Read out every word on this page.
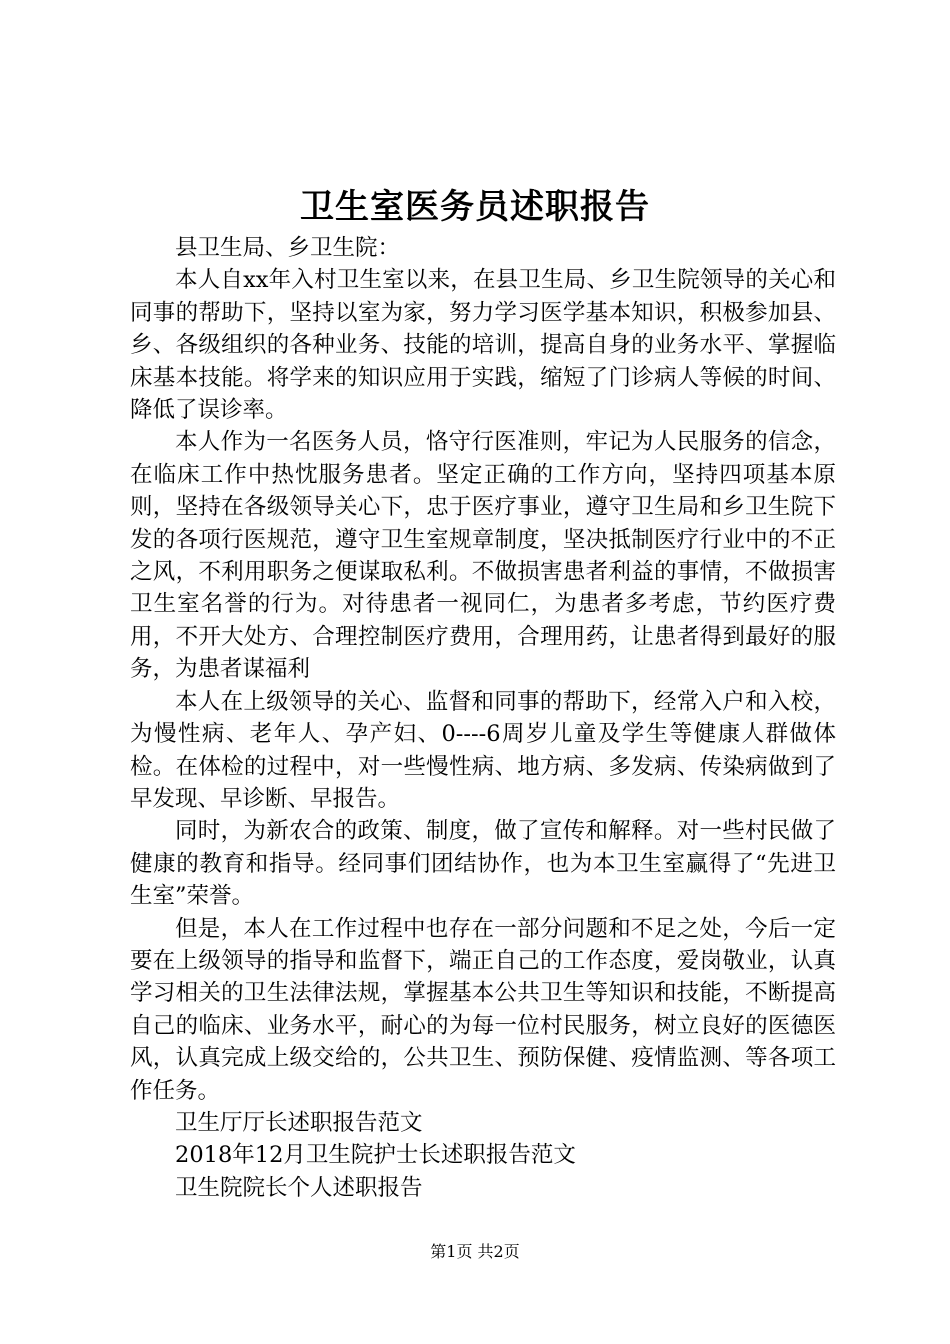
卫生室医务员述职报告

县卫生局、乡卫生院：

本人自xx年入村卫生室以来，在县卫生局、乡卫生院领导的关心和同事的帮助下，坚持以室为家，努力学习医学基本知识，积极参加县、乡、各级组织的各种业务、技能的培训，提高自身的业务水平、掌握临床基本技能。将学来的知识应用于实践，缩短了门诊病人等候的时间、降低了误诊率。

本人作为一名医务人员，恪守行医准则，牢记为人民服务的信念，在临床工作中热忱服务患者。坚定正确的工作方向，坚持四项基本原则，坚持在各级领导关心下，忠于医疗事业，遵守卫生局和乡卫生院下发的各项行医规范，遵守卫生室规章制度，坚决抵制医疗行业中的不正之风，不利用职务之便谋取私利。不做损害患者利益的事情，不做损害卫生室名誉的行为。对待患者一视同仁，为患者多考虑，节约医疗费用，不开大处方、合理控制医疗费用，合理用药，让患者得到最好的服务，为患者谋福利

本人在上级领导的关心、监督和同事的帮助下，经常入户和入校，为慢性病、老年人、孕产妇、0----6周岁儿童及学生等健康人群做体检。在体检的过程中，对一些慢性病、地方病、多发病、传染病做到了早发现、早诊断、早报告。

同时，为新农合的政策、制度，做了宣传和解释。对一些村民做了健康的教育和指导。经同事们团结协作，也为本卫生室赢得了“先进卫生室”荣誉。

但是，本人在工作过程中也存在一部分问题和不足之处，今后一定要在上级领导的指导和监督下，端正自己的工作态度，爱岗敬业，认真学习相关的卫生法律法规，掌握基本公共卫生等知识和技能，不断提高自己的临床、业务水平，耐心的为每一位村民服务，树立良好的医德医风，认真完成上级交给的，公共卫生、预防保健、疫情监测、等各项工作任务。

卫生厅厅长述职报告范文
2018年12月卫生院护士长述职报告范文
卫生院院长个人述职报告
第1页 共2页
